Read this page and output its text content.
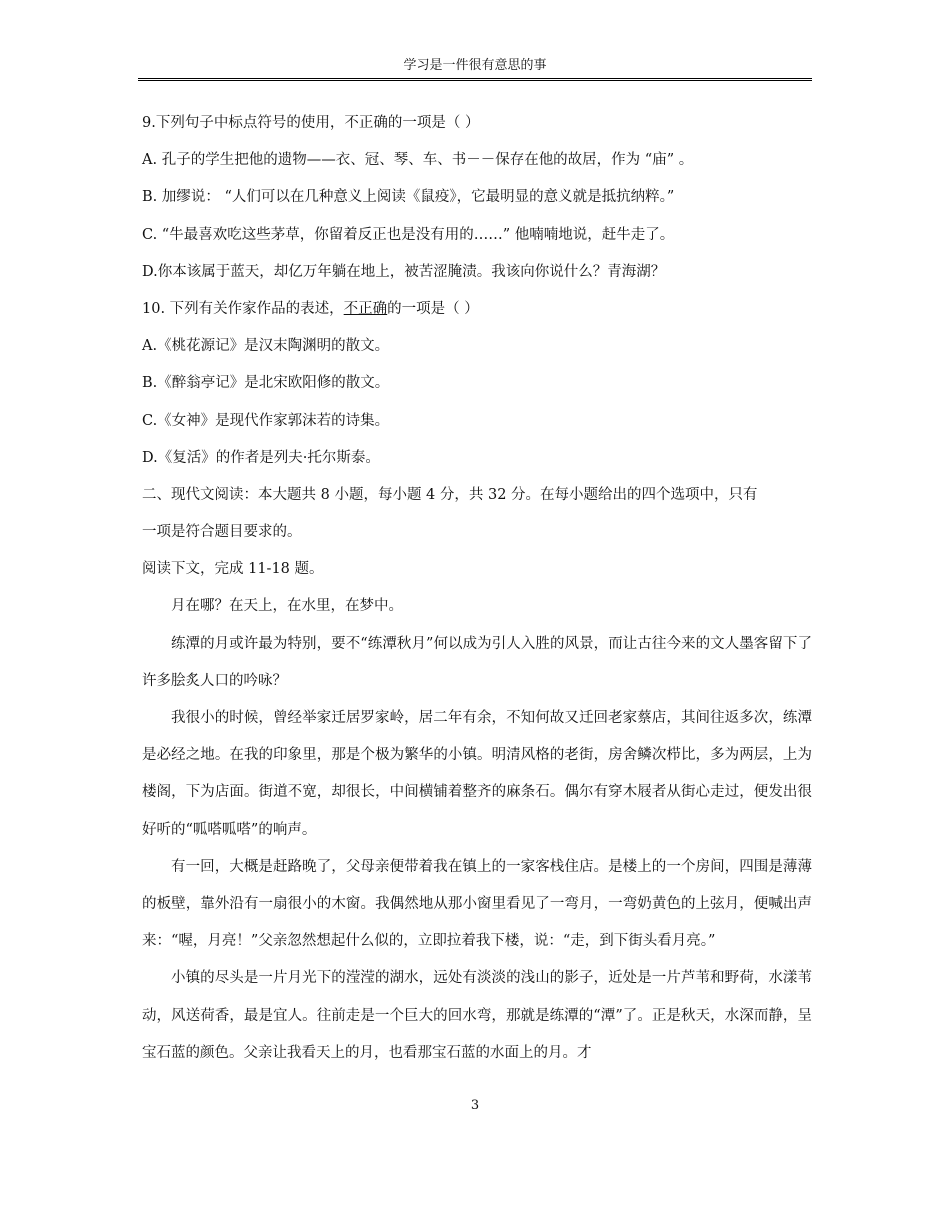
学习是一件很有意思的事
9.下列句子中标点符号的使用，不正确的一项是（ ）
A. 孔子的学生把他的遗物——衣、冠、琴、车、书－－保存在他的故居，作为 “庙” 。
B. 加缪说： “人们可以在几种意义上阅读《鼠疫》，它最明显的意义就是抵抗纳粹。”
C. “牛最喜欢吃这些茅草，你留着反正也是没有用的……” 他喃喃地说，赶牛走了。
D.你本该属于蓝天，却亿万年躺在地上，被苦涩腌渍。我该向你说什么？青海湖？
10. 下列有关作家作品的表述，不正确的一项是（ ）
A.《桃花源记》是汉末陶渊明的散文。
B.《醉翁亭记》是北宋欧阳修的散文。
C.《女神》是现代作家郭沫若的诗集。
D.《复活》的作者是列夫·托尔斯泰。
二、现代文阅读：本大题共 8 小题，每小题 4 分，共 32 分。在每小题给出的四个选项中，只有
一项是符合题目要求的。
阅读下文，完成 11-18 题。

月在哪？在天上，在水里，在梦中。

练潭的月或许最为特别，要不“练潭秋月”何以成为引人入胜的风景，而让古往今来的文人墨客留下了许多脍炙人口的吟咏？

我很小的时候，曾经举家迁居罗家岭，居二年有余，不知何故又迁回老家蔡店，其间往返多次，练潭是必经之地。在我的印象里，那是个极为繁华的小镇。明清风格的老街，房舍鳞次栉比，多为两层，上为楼阁，下为店面。街道不宽，却很长，中间横铺着整齐的麻条石。偶尔有穿木屐者从街心走过，便发出很好听的“呱嗒呱嗒”的响声。

有一回，大概是赶路晚了，父母亲便带着我在镇上的一家客栈住店。是楼上的一个房间，四围是薄薄的板壁，靠外沿有一扇很小的木窗。我偶然地从那小窗里看见了一弯月，一弯奶黄色的上弦月，便喊出声来：“喔，月亮！”父亲忽然想起什么似的，立即拉着我下楼，说：“走，到下街头看月亮。”

小镇的尽头是一片月光下的滢滢的湖水，远处有淡淡的浅山的影子，近处是一片芦苇和野荷，水漾苇动，风送荷香，最是宜人。往前走是一个巨大的回水弯，那就是练潭的“潭”了。正是秋天，水深而静，呈宝石蓝的颜色。父亲让我看天上的月，也看那宝石蓝的水面上的月。才

3
